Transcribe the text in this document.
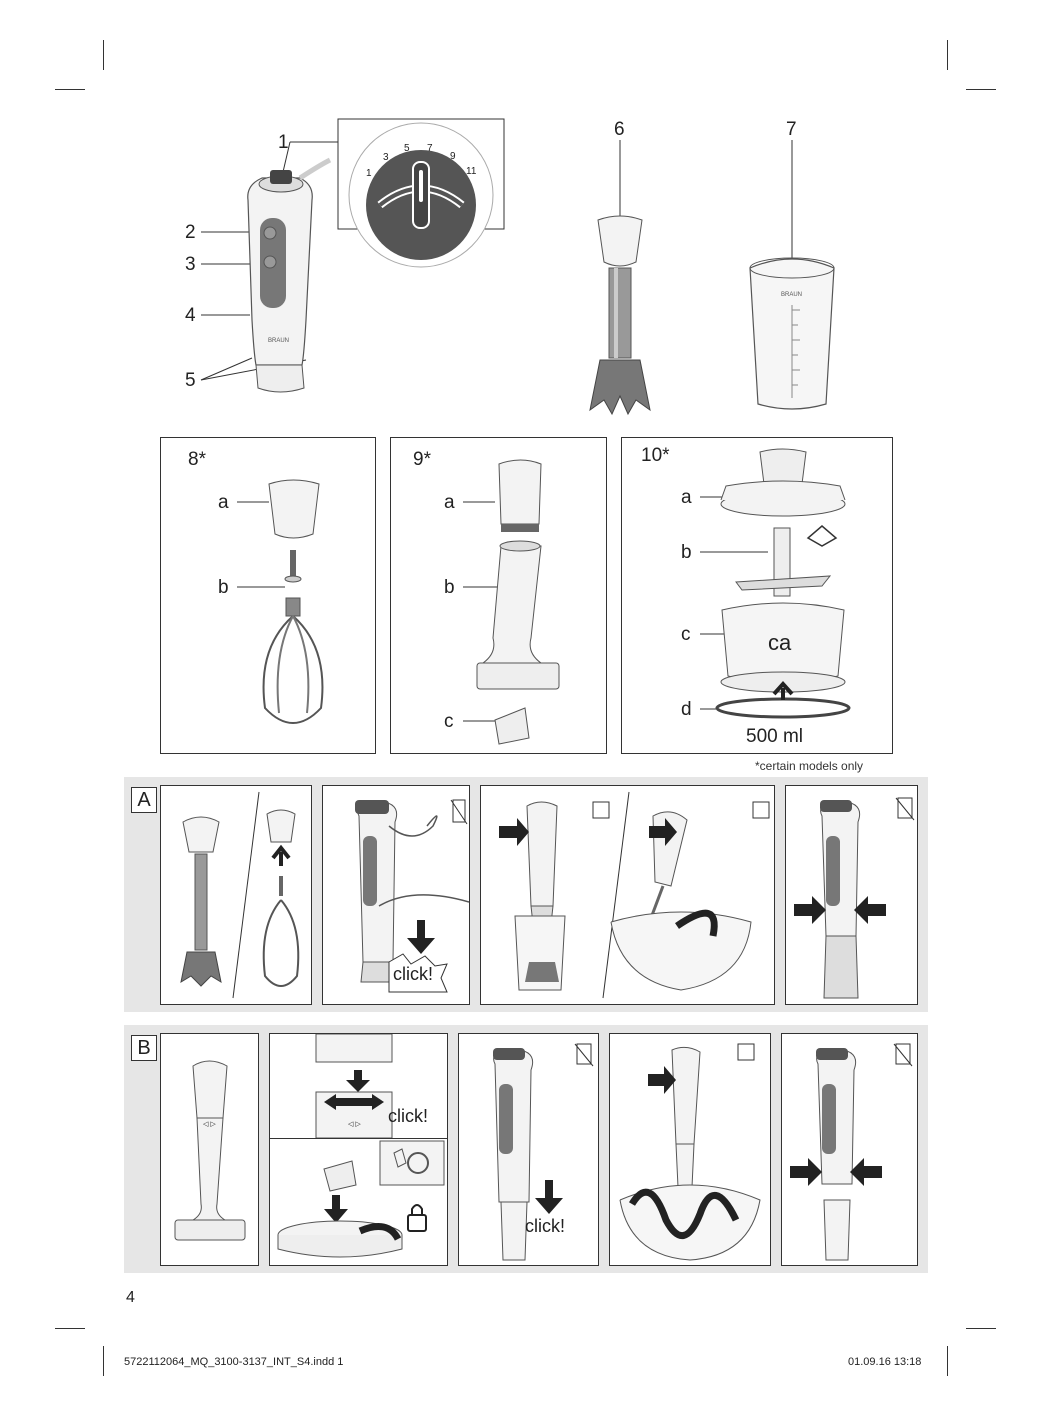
BRAUN
BRAUN
1
2
3
4
5
6	7
1
3
5 7
9
11
8*
a
b
9*
a
b
c
10*
a
b
c
d
ca
500 ml
*certain models only
A
click!
B
◁ ▷	◁ ▷ click!
click!
4
5722112064_MQ_3100-3137_INT_S4.indd 1	01.09.16 13:18
